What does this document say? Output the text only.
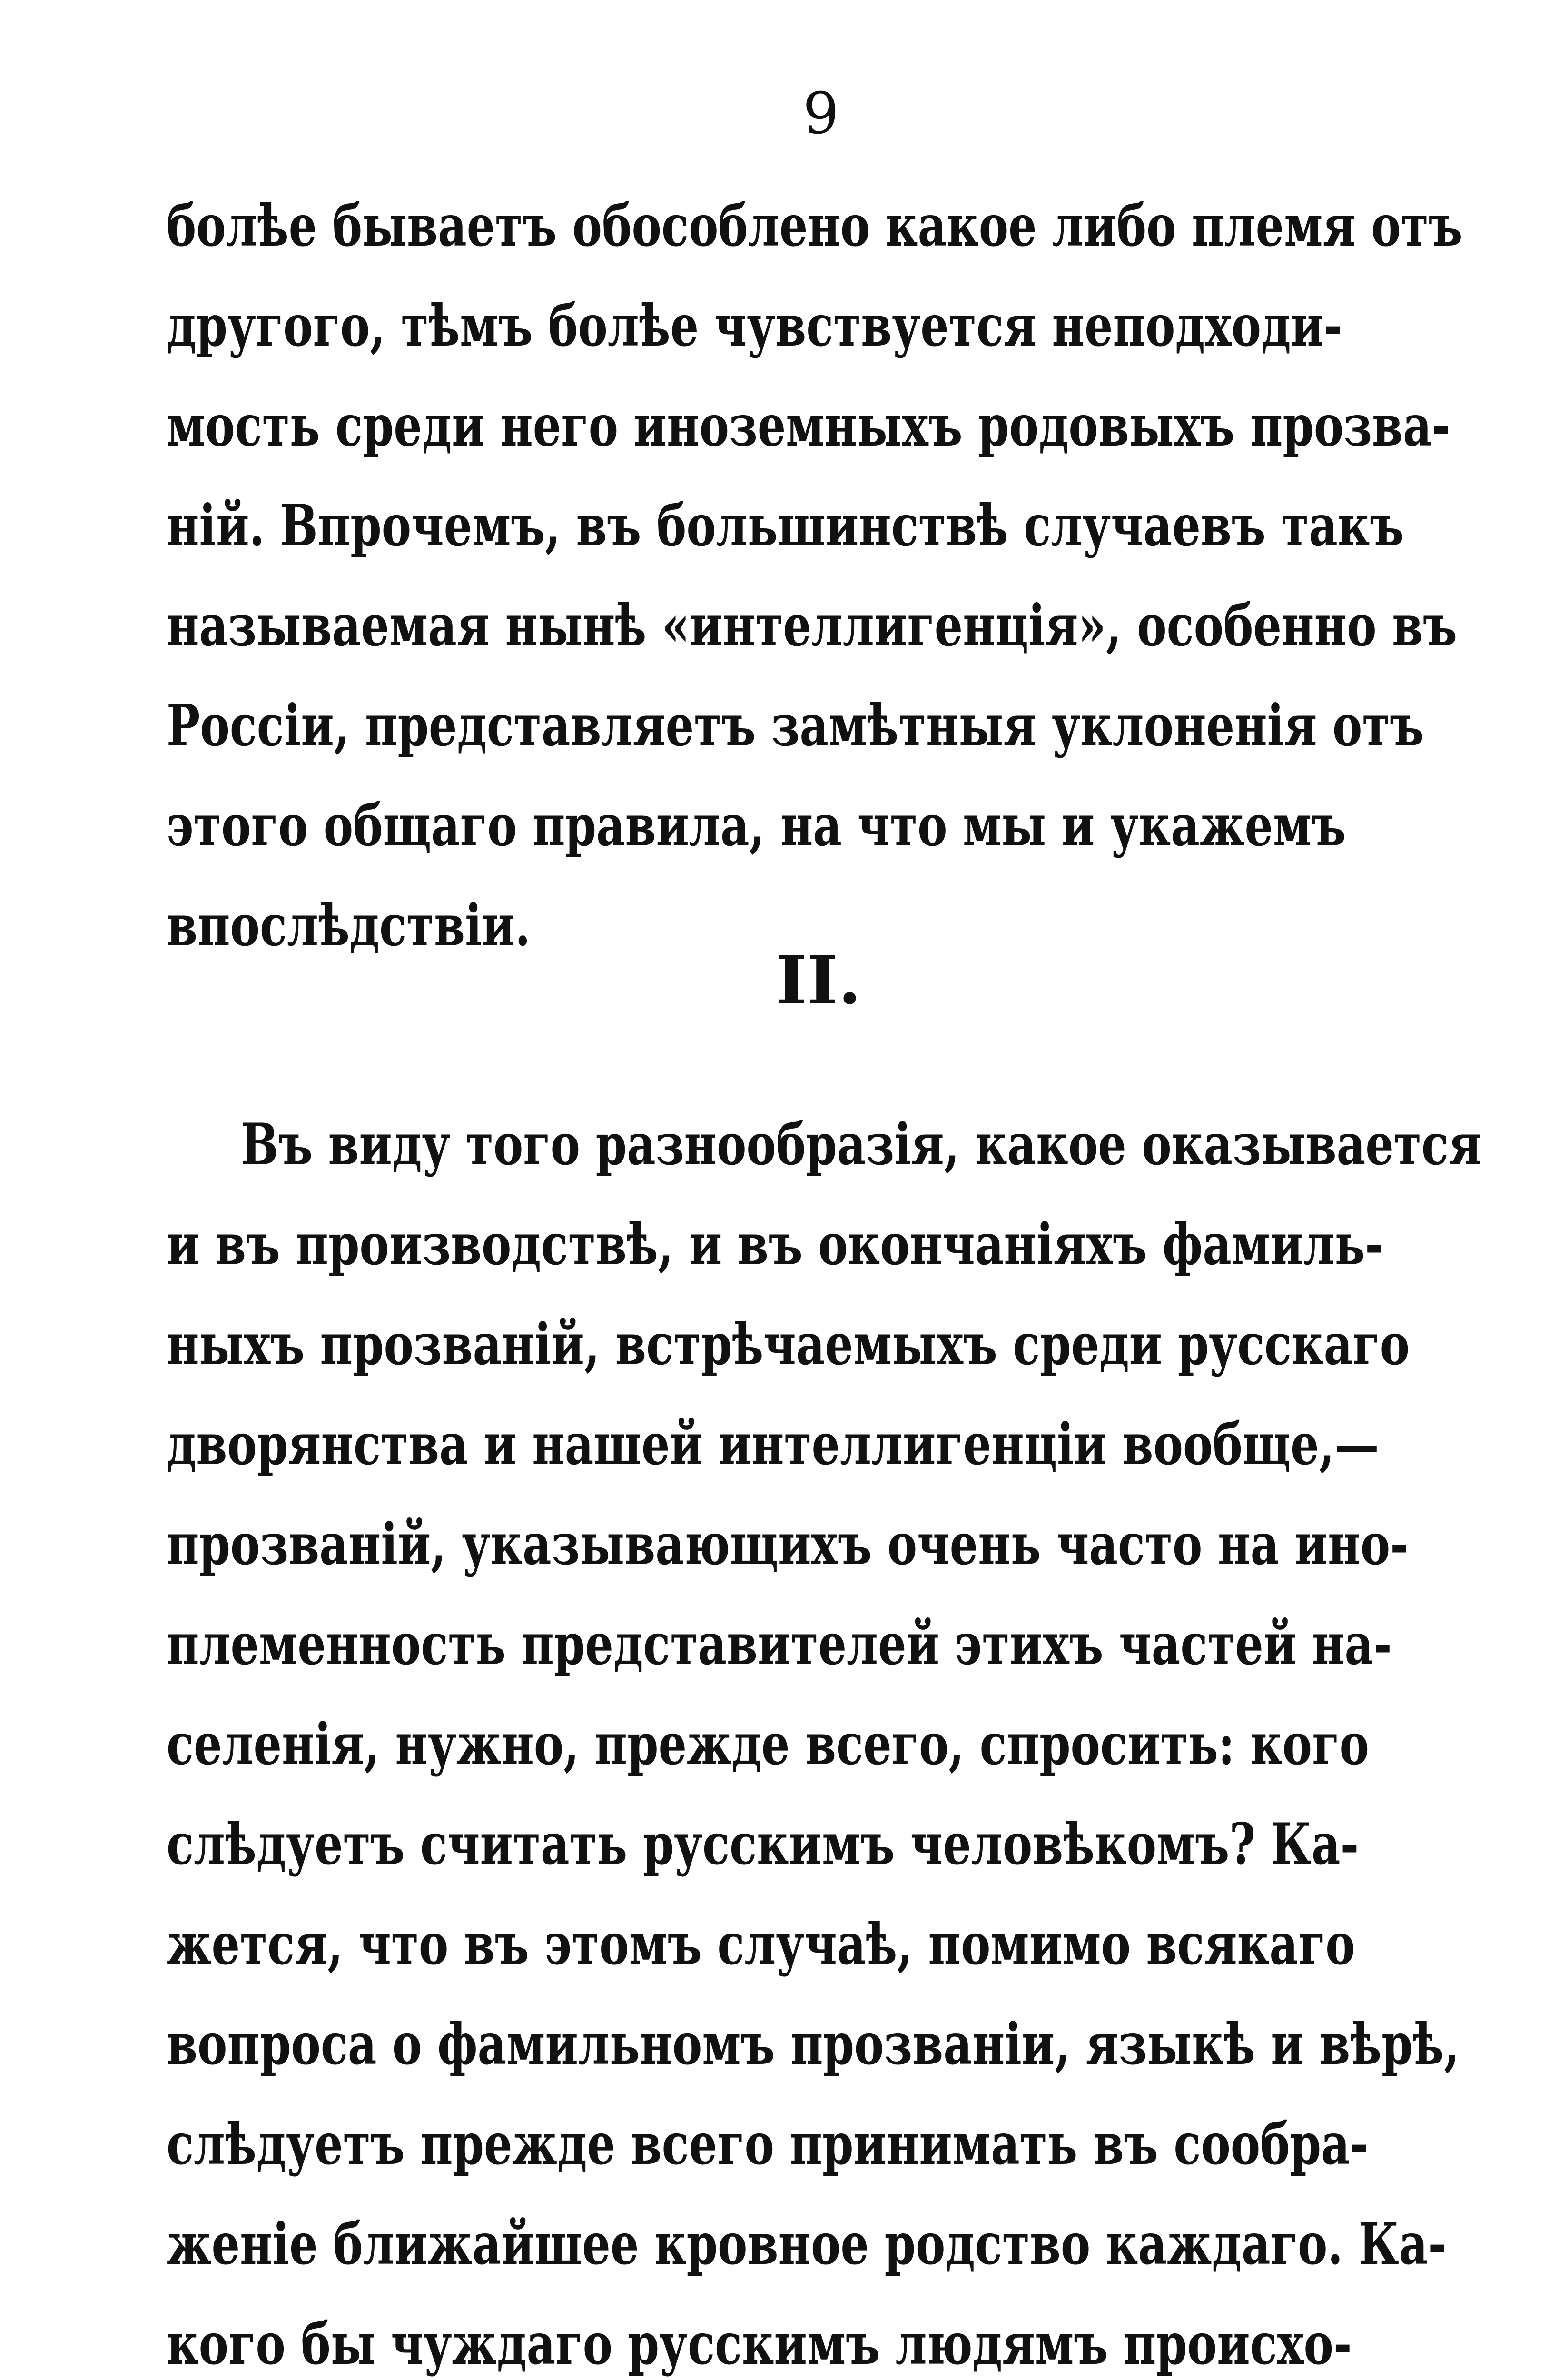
9
болѣе бываетъ обособлено какое либо племя отъ
другого, тѣмъ болѣе чувствуется неподходи-
мость среди него иноземныхъ родовыхъ прозва-
ній. Впрочемъ, въ большинствѣ случаевъ такъ
называемая нынѣ «интеллигенція», особенно въ
Россіи, представляетъ замѣтныя уклоненія отъ
этого общаго правила, на что мы и укажемъ
впослѣдствіи.
II.
Въ виду того разнообразія, какое оказывается
и въ производствѣ, и въ окончаніяхъ фамиль-
ныхъ прозваній, встрѣчаемыхъ среди русскаго
дворянства и нашей интеллигенціи вообще,—
прозваній, указывающихъ очень часто на ино-
племенность представителей этихъ частей на-
селенія, нужно, прежде всего, спросить: кого
слѣдуетъ считать русскимъ человѣкомъ? Ка-
жется, что въ этомъ случаѣ, помимо всякаго
вопроса о фамильномъ прозваніи, языкѣ и вѣрѣ,
слѣдуетъ прежде всего принимать въ сообра-
женіе ближайшее кровное родство каждаго. Ка-
кого бы чуждаго русскимъ людямъ происхо-
